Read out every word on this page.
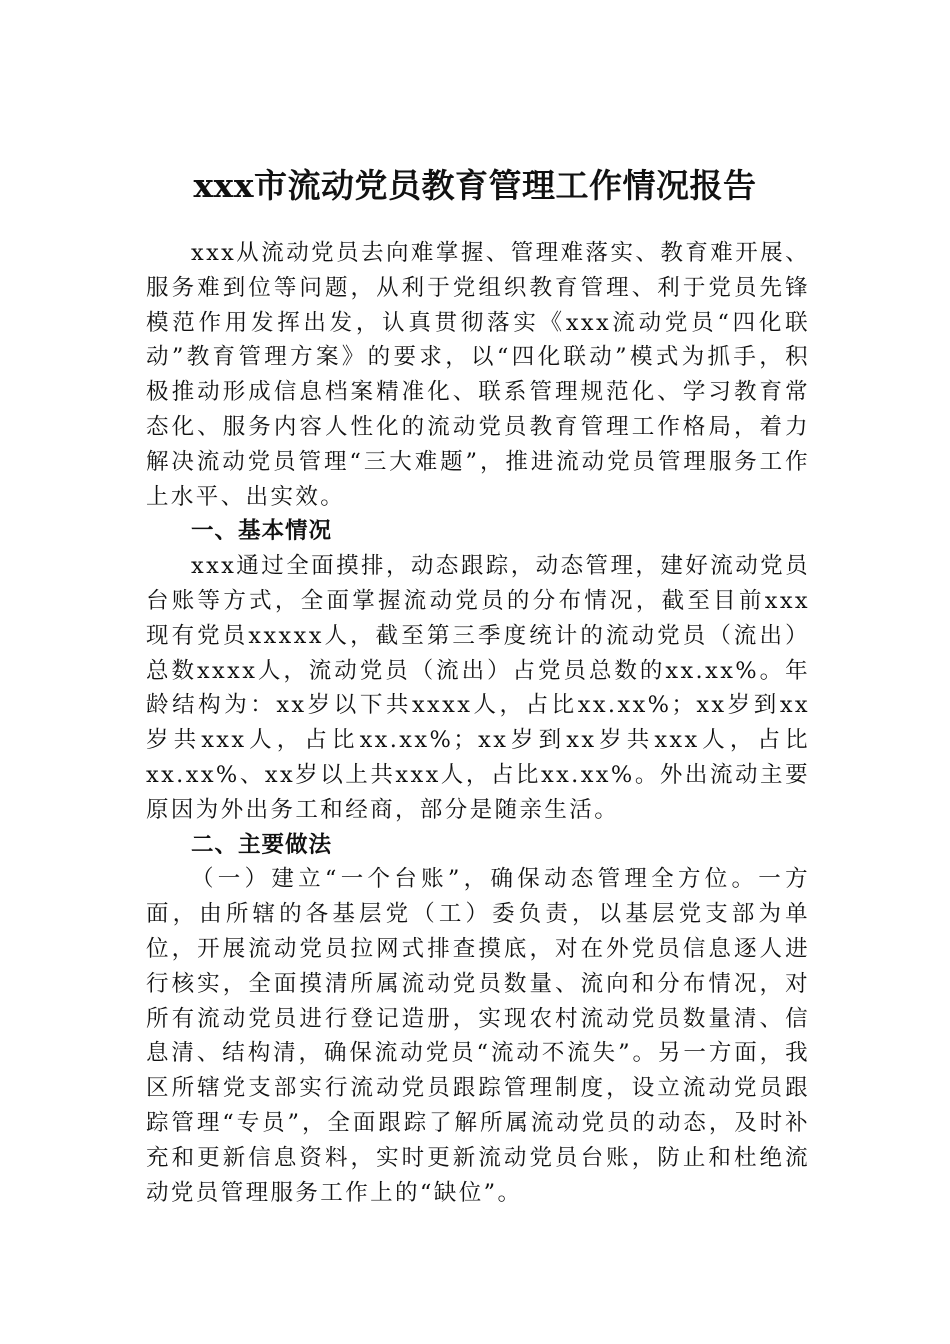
xxx市流动党员教育管理工作情况报告

xxx从流动党员去向难掌握、管理难落实、教育难开展、服务难到位等问题，从利于党组织教育管理、利于党员先锋模范作用发挥出发，认真贯彻落实《xxx流动党员“四化联动”教育管理方案》的要求，以“四化联动”模式为抓手，积极推动形成信息档案精准化、联系管理规范化、学习教育常态化、服务内容人性化的流动党员教育管理工作格局，着力解决流动党员管理“三大难题”，推进流动党员管理服务工作上水平、出实效。

一、基本情况

xxx通过全面摸排，动态跟踪，动态管理，建好流动党员台账等方式，全面掌握流动党员的分布情况，截至目前xxx现有党员xxxxx人，截至第三季度统计的流动党员（流出）总数xxxx人，流动党员（流出）占党员总数的xx.xx%。年龄结构为：xx岁以下共xxxx人，占比xx.xx%；xx岁到xx岁共xxx人，占比xx.xx%；xx岁到xx岁共xxx人，占比xx.xx%、xx岁以上共xxx人，占比xx.xx%。外出流动主要原因为外出务工和经商，部分是随亲生活。

二、主要做法

（一）建立“一个台账”，确保动态管理全方位。一方面，由所辖的各基层党（工）委负责，以基层党支部为单位，开展流动党员拉网式排查摸底，对在外党员信息逐人进行核实，全面摸清所属流动党员数量、流向和分布情况，对所有流动党员进行登记造册，实现农村流动党员数量清、信息清、结构清，确保流动党员“流动不流失”。另一方面，我区所辖党支部实行流动党员跟踪管理制度，设立流动党员跟踪管理“专员”，全面跟踪了解所属流动党员的动态，及时补充和更新信息资料，实时更新流动党员台账，防止和杜绝流动党员管理服务工作上的“缺位”。
